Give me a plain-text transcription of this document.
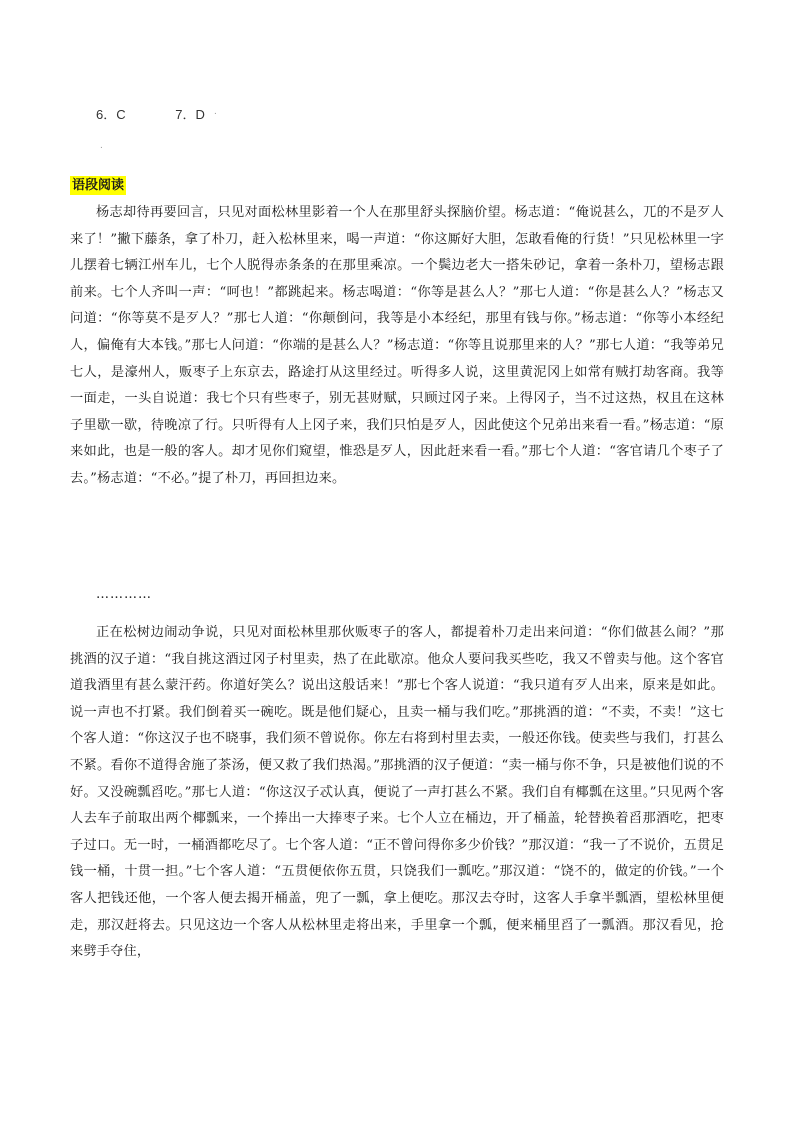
6．C	7．D .
.
语段阅读

杨志却待再要回言，只见对面松林里影着一个人在那里舒头探脑价望。杨志道：“俺说甚么，兀的不是歹人来了！”撇下藤条，拿了朴刀，赶入松林里来，喝一声道：“你这厮好大胆，怎敢看俺的行货！”只见松林里一字儿摆着七辆江州车儿，七个人脱得赤条条的在那里乘凉。一个鬓边老大一搭朱砂记，拿着一条朴刀，望杨志跟前来。七个人齐叫一声：“呵也！”都跳起来。杨志喝道：“你等是甚么人？”那七人道：“你是甚么人？”杨志又问道：“你等莫不是歹人？”那七人道：“你颠倒问，我等是小本经纪，那里有钱与你。”杨志道：“你等小本经纪人，偏俺有大本钱。”那七人问道：“你端的是甚么人？”杨志道：“你等且说那里来的人？”那七人道：“我等弟兄七人，是濠州人，贩枣子上东京去，路途打从这里经过。听得多人说，这里黄泥冈上如常有贼打劫客商。我等一面走，一头自说道：我七个只有些枣子，别无甚财赋，只顾过冈子来。上得冈子，当不过这热，权且在这林子里歇一歇，待晚凉了行。只听得有人上冈子来，我们只怕是歹人，因此使这个兄弟出来看一看。”杨志道：“原来如此，也是一般的客人。却才见你们窥望，惟恐是歹人，因此赶来看一看。”那七个人道：“客官请几个枣子了去。”杨志道：“不必。”提了朴刀，再回担边来。

…………

正在松树边闹动争说，只见对面松林里那伙贩枣子的客人，都提着朴刀走出来问道：“你们做甚么闹？”那挑酒的汉子道：“我自挑这酒过冈子村里卖，热了在此歇凉。他众人要问我买些吃，我又不曾卖与他。这个客官道我酒里有甚么蒙汗药。你道好笑么？说出这般话来！”那七个客人说道：“我只道有歹人出来，原来是如此。说一声也不打紧。我们倒着买一碗吃。既是他们疑心，且卖一桶与我们吃。”那挑酒的道：“不卖，不卖！”这七个客人道：“你这汉子也不晓事，我们须不曾说你。你左右将到村里去卖，一般还你钱。使卖些与我们，打甚么不紧。看你不道得舍施了茶汤，便又救了我们热渴。”那挑酒的汉子便道：“卖一桶与你不争，只是被他们说的不好。又没碗瓢舀吃。”那七人道：“你这汉子忒认真，便说了一声打甚么不紧。我们自有椰瓢在这里。”只见两个客人去车子前取出两个椰瓢来，一个捧出一大捧枣子来。七个人立在桶边，开了桶盖，轮替换着舀那酒吃，把枣子过口。无一时，一桶酒都吃尽了。七个客人道：“正不曾问得你多少价钱？”那汉道：“我一了不说价，五贯足钱一桶，十贯一担。”七个客人道：“五贯便依你五贯，只饶我们一瓢吃。”那汉道：“饶不的，做定的价钱。”一个客人把钱还他，一个客人便去揭开桶盖，兜了一瓢，拿上便吃。那汉去夺时，这客人手拿半瓢酒，望松林里便走，那汉赶将去。只见这边一个客人从松林里走将出来，手里拿一个瓢，便来桶里舀了一瓢酒。那汉看见，抢来劈手夺住，
